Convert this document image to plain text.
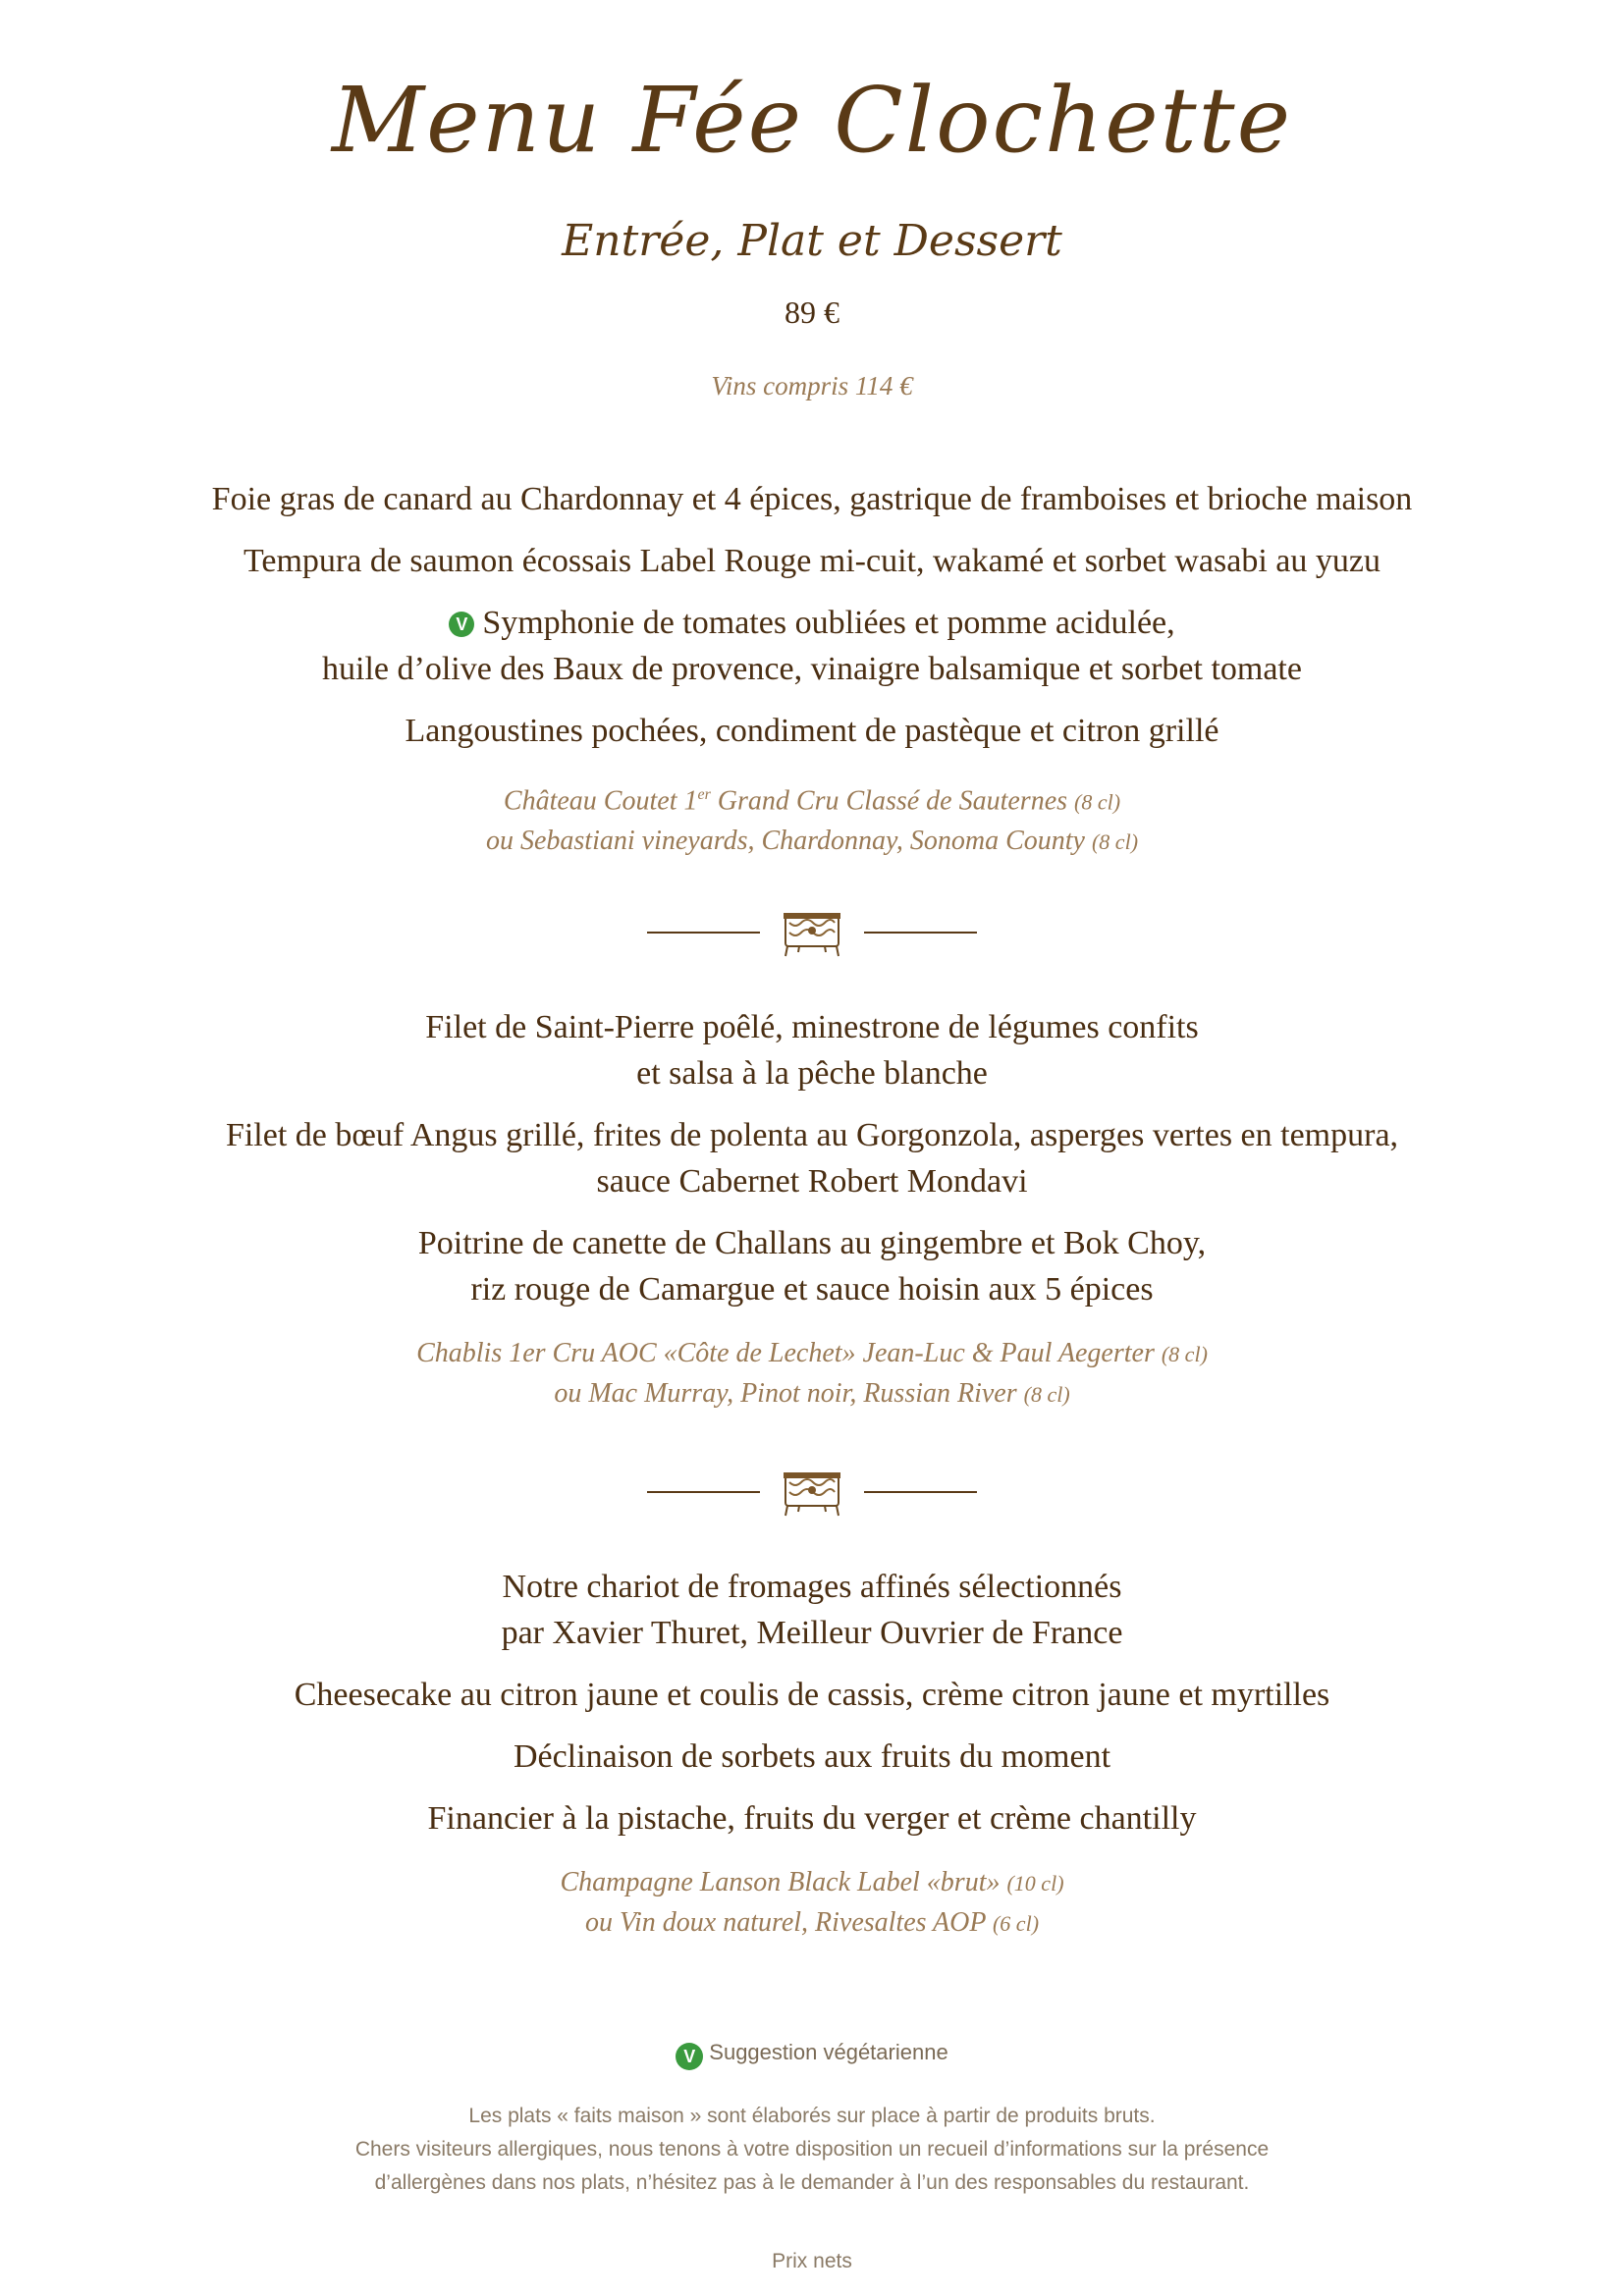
Menu Fée Clochette
Entrée, Plat et Dessert
89 €
Vins compris 114 €
Foie gras de canard au Chardonnay et 4 épices, gastrique de framboises et brioche maison
Tempura de saumon écossais Label Rouge mi-cuit, wakamé et sorbet wasabi au yuzu
V Symphonie de tomates oubliées et pomme acidulée,
huile d’olive des Baux de provence, vinaigre balsamique et sorbet tomate
Langoustines pochées, condiment de pastèque et citron grillé
Château Coutet 1er Grand Cru Classé de Sauternes (8 cl)
ou Sebastiani vineyards, Chardonnay, Sonoma County (8 cl)
Filet de Saint-Pierre poêlé, minestrone de légumes confits
et salsa à la pêche blanche
Filet de bœuf Angus grillé, frites de polenta au Gorgonzola, asperges vertes en tempura,
sauce Cabernet Robert Mondavi
Poitrine de canette de Challans au gingembre et Bok Choy,
riz rouge de Camargue et sauce hoisin aux 5 épices
Chablis 1er Cru AOC «Côte de Lechet» Jean-Luc & Paul Aegerter (8 cl)
ou Mac Murray, Pinot noir, Russian River (8 cl)
Notre chariot de fromages affinés sélectionnés
par Xavier Thuret, Meilleur Ouvrier de France
Cheesecake au citron jaune et coulis de cassis, crème citron jaune et myrtilles
Déclinaison de sorbets aux fruits du moment
Financier à la pistache, fruits du verger et crème chantilly
Champagne Lanson Black Label «brut» (10 cl)
ou Vin doux naturel, Rivesaltes AOP (6 cl)
V Suggestion végétarienne
Les plats « faits maison » sont élaborés sur place à partir de produits bruts.
Chers visiteurs allergiques, nous tenons à votre disposition un recueil d’informations sur la présence
d’allergènes dans nos plats, n’hésitez pas à le demander à l’un des responsables du restaurant.
Prix nets
